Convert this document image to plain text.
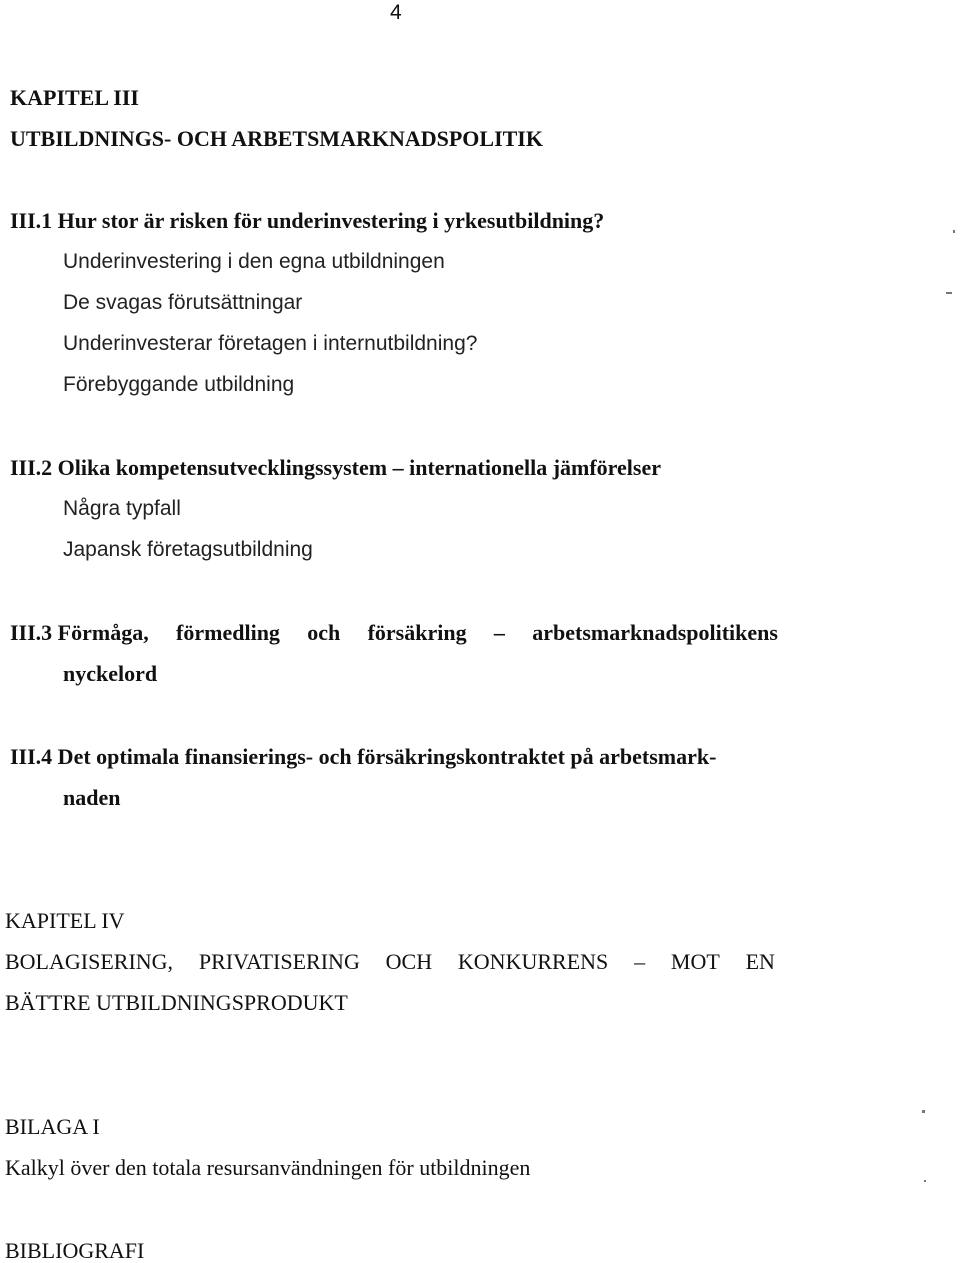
4
KAPITEL III
UTBILDNINGS- OCH ARBETSMARKNADSPOLITIK
III.1 Hur stor är risken för underinvestering i yrkesutbildning?
Underinvestering i den egna utbildningen
De svagas förutsättningar
Underinvesterar företagen i internutbildning?
Förebyggande utbildning
III.2 Olika kompetensutvecklingssystem – internationella jämförelser
Några typfall
Japansk företagsutbildning
III.3 Förmåga, förmedling och försäkring – arbetsmarknadspolitikens
nyckelord
III.4 Det optimala finansierings- och försäkringskontraktet på arbetsmark-
naden
KAPITEL IV
BOLAGISERING, PRIVATISERING OCH KONKURRENS – MOT EN
BÄTTRE UTBILDNINGSPRODUKT
BILAGA I
Kalkyl över den totala resursanvändningen för utbildningen
BIBLIOGRAFI
